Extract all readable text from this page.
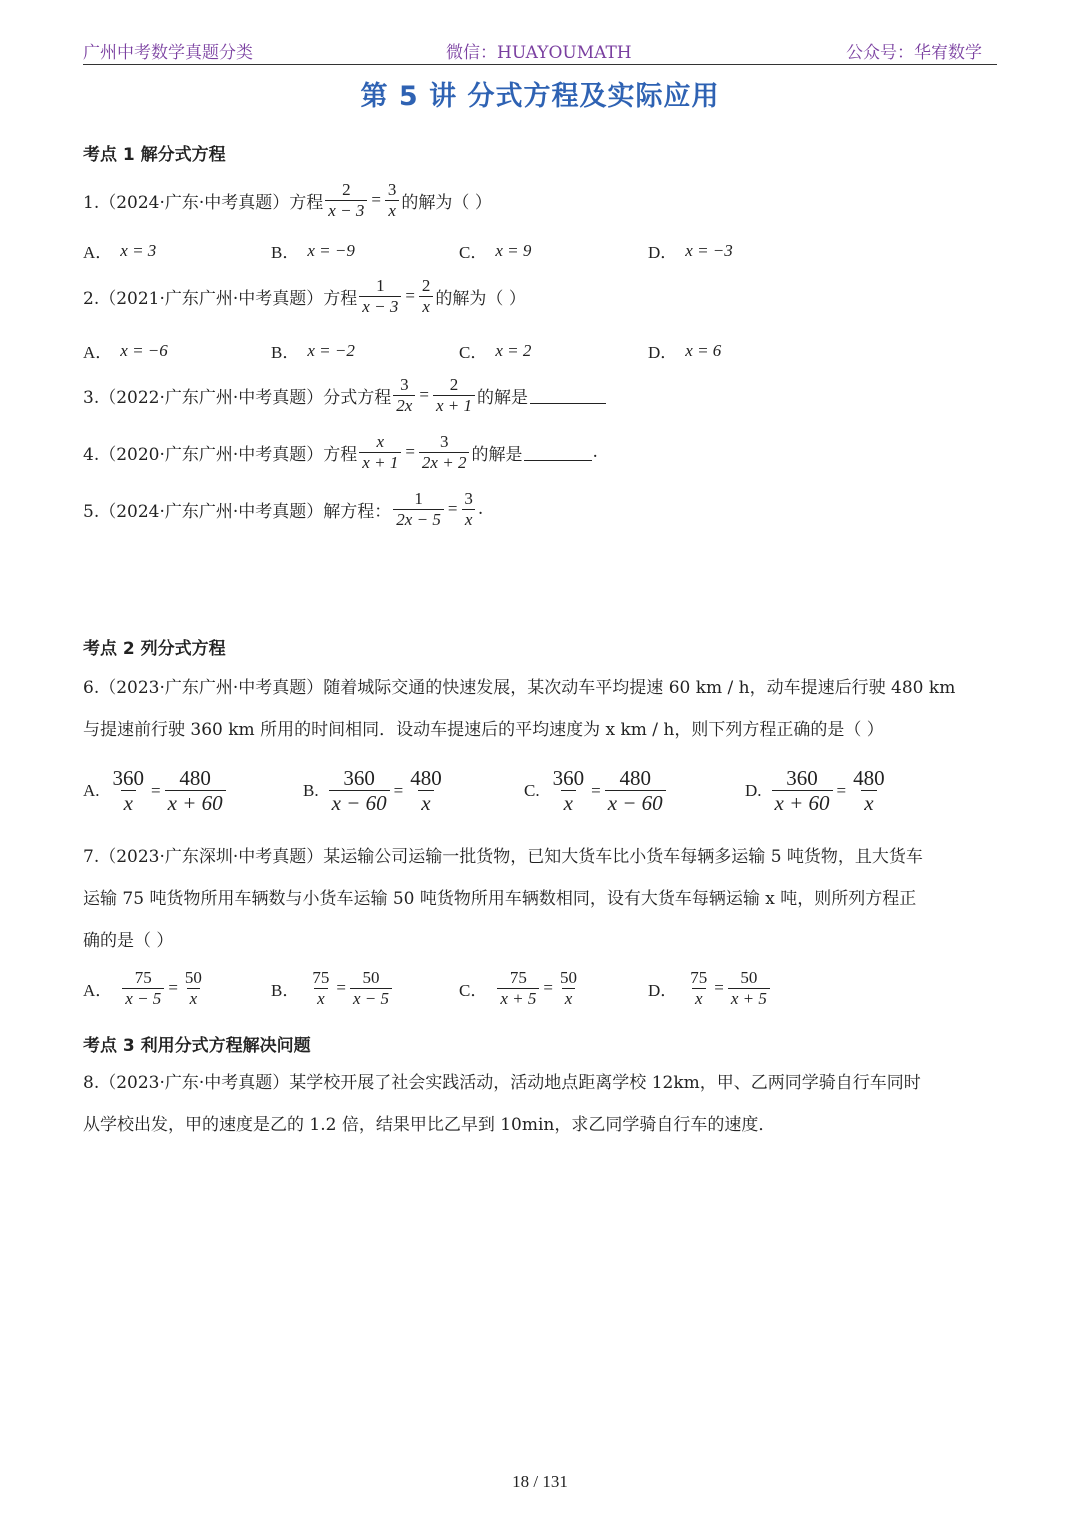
广州中考数学真题分类	微信：HUAYOUMATH	公众号：华宥数学
第 5 讲 分式方程及实际应用
考点 1 解分式方程
1.（2024·广东·中考真题）方程 $\frac{2}{x - 3} = \frac{3}{x}$ 的解为（ ）
A． x = 3	B． x = −9	C． x = 9	D． x = −3
2.（2021·广东广州·中考真题）方程 $\frac{1}{x - 3} = \frac{2}{x}$ 的解为（ ）
A． x = −6	B． x = −2	C． x = 2	D． x = 6
3.（2022·广东广州·中考真题）分式方程 $\frac{3}{2x} = \frac{2}{x + 1}$ 的解是
4.（2020·广东广州·中考真题）方程 $\frac{x}{x + 1} = \frac{3}{2x + 2}$ 的解是	.
5.（2024·广东广州·中考真题）解方程： $\frac{1}{2x - 5} = \frac{3}{x}$ .
考点 2 列分式方程
6.（2023·广东广州·中考真题）随着城际交通的快速发展，某次动车平均提速 60 km / h，动车提速后行驶 480 km
与提速前行驶 360 km 所用的时间相同．设动车提速后的平均速度为 x km / h，则下列方程正确的是（ ）
A. $\frac{360}{x} = \frac{480}{x + 60}$	B. $\frac{360}{x - 60} = \frac{480}{x}$	C. $\frac{360}{x} = \frac{480}{x - 60}$	D. $\frac{360}{x + 60} = \frac{480}{x}$
7.（2023·广东深圳·中考真题）某运输公司运输一批货物，已知大货车比小货车每辆多运输 5 吨货物，且大货车
运输 75 吨货物所用车辆数与小货车运输 50 吨货物所用车辆数相同，设有大货车每辆运输 x 吨，则所列方程正
确的是（ ）
A． $\frac{75}{x - 5} = \frac{50}{x}$	B． $\frac{75}{x} = \frac{50}{x - 5}$	C． $\frac{75}{x + 5} = \frac{50}{x}$	D． $\frac{75}{x} = \frac{50}{x + 5}$
考点 3 利用分式方程解决问题
8.（2023·广东·中考真题）某学校开展了社会实践活动，活动地点距离学校 12km，甲、乙两同学骑自行车同时
从学校出发，甲的速度是乙的 1.2 倍，结果甲比乙早到 10min，求乙同学骑自行车的速度．
18 / 131
